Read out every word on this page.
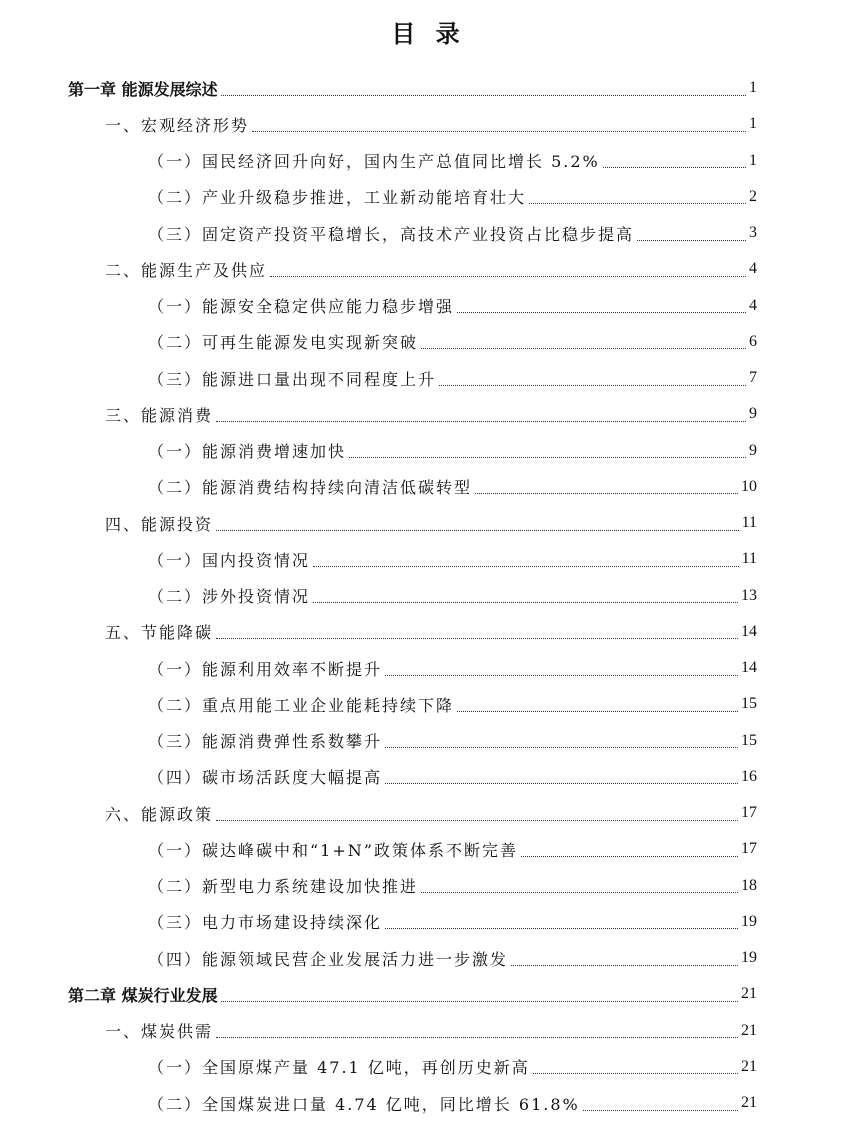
目 录
第一章 能源发展综述	1
一、宏观经济形势	1
（一）国民经济回升向好，国内生产总值同比增长 5.2%	1
（二）产业升级稳步推进，工业新动能培育壮大	2
（三）固定资产投资平稳增长，高技术产业投资占比稳步提高	3
二、能源生产及供应	4
（一）能源安全稳定供应能力稳步增强	4
（二）可再生能源发电实现新突破	6
（三）能源进口量出现不同程度上升	7
三、能源消费	9
（一）能源消费增速加快	9
（二）能源消费结构持续向清洁低碳转型	10
四、能源投资	11
（一）国内投资情况	11
（二）涉外投资情况	13
五、节能降碳	14
（一）能源利用效率不断提升	14
（二）重点用能工业企业能耗持续下降	15
（三）能源消费弹性系数攀升	15
（四）碳市场活跃度大幅提高	16
六、能源政策	17
（一）碳达峰碳中和“1+N”政策体系不断完善	17
（二）新型电力系统建设加快推进	18
（三）电力市场建设持续深化	19
（四）能源领域民营企业发展活力进一步激发	19
第二章 煤炭行业发展	21
一、煤炭供需	21
（一）全国原煤产量 47.1 亿吨，再创历史新高	21
（二）全国煤炭进口量 4.74 亿吨，同比增长 61.8%	21
